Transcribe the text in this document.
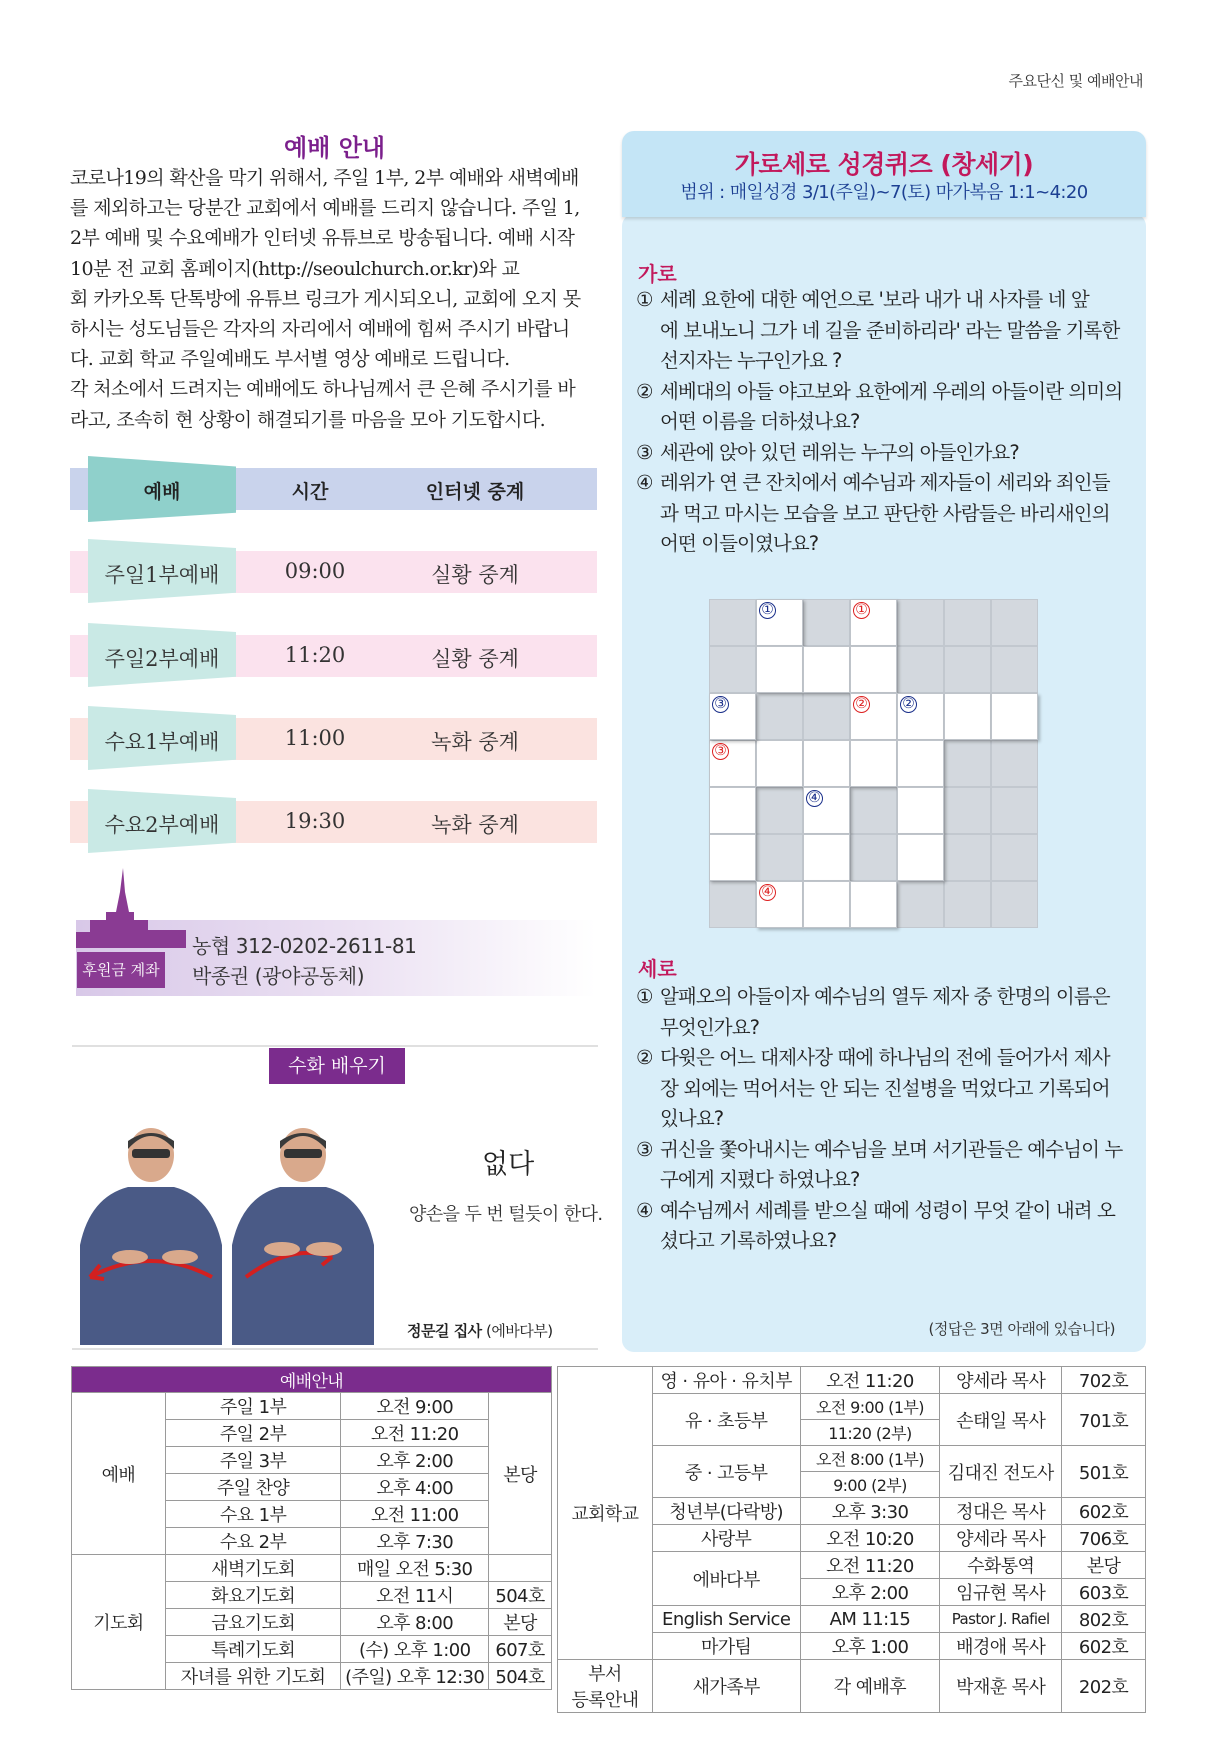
주요단신 및 예배안내
예배 안내
코로나19의 확산을 막기 위해서, 주일 1부, 2부 예배와 새벽예배
를 제외하고는 당분간 교회에서 예배를 드리지 않습니다. 주일 1,
2부 예배 및 수요예배가 인터넷 유튜브로 방송됩니다. 예배 시작
10분 전 교회 홈페이지(http://seoulchurch.or.kr)와 교
회 카카오톡 단톡방에 유튜브 링크가 게시되오니, 교회에 오지 못
하시는 성도님들은 각자의 자리에서 예배에 힘써 주시기 바랍니
다. 교회 학교 주일예배도 부서별 영상 예배로 드립니다.
각 처소에서 드려지는 예배에도 하나님께서 큰 은혜 주시기를 바
라고, 조속히 현 상황이 해결되기를 마음을 모아 기도합시다.
예배	시간	인터넷 중계
주일1부예배	09:00	실황 중계
주일2부예배	11:20	실황 중계
수요1부예배	11:00	녹화 중계
수요2부예배	19:30	녹화 중계
후원금 계좌
농협 312-0202-2611-81
박종권 (광야공동체)
수화 배우기
없다
양손을 두 번 털듯이 한다.
정문길 집사 (에바다부)
가로세로 성경퀴즈 (창세기)
범위 : 매일성경 3/1(주일)~7(토) 마가복음 1:1~4:20
가로
① 세례 요한에 대한 예언으로 '보라 내가 내 사자를 네 앞
에 보내노니 그가 네 길을 준비하리라' 라는 말씀을 기록한
선지자는 누구인가요 ?
② 세베대의 아들 야고보와 요한에게 우레의 아들이란 의미의
어떤 이름을 더하셨나요?
③ 세관에 앉아 있던 레위는 누구의 아들인가요?
④ 레위가 연 큰 잔치에서 예수님과 제자들이 세리와 죄인들
과 먹고 마시는 모습을 보고 판단한 사람들은 바리새인의
어떤 이들이였나요?
①	①
③	② ②
③
④
④
세로
① 알패오의 아들이자 예수님의 열두 제자 중 한명의 이름은
무엇인가요?
② 다윗은 어느 대제사장 때에 하나님의 전에 들어가서 제사
장 외에는 먹어서는 안 되는 진설병을 먹었다고 기록되어
있나요?
③ 귀신을 쫓아내시는 예수님을 보며 서기관들은 예수님이 누
구에게 지폈다 하였나요?
④ 예수님께서 세례를 받으실 때에 성령이 무엇 같이 내려 오
셨다고 기록하였나요?
(정답은 3면 아래에 있습니다)
예배안내			
예배	주일 1부	오전 9:00	본당
	주일 2부	오전 11:20	
	주일 3부	오후 2:00	
	주일 찬양	오후 4:00	
	수요 1부	오전 11:00	
	수요 2부	오후 7:30	
기도회	새벽기도회	매일 오전 5:30	
	화요기도회	오전 11시	504호
	금요기도회	오후 8:00	본당
	특례기도회	(수) 오후 1:00	607호
	자녀를 위한 기도회	(주일) 오후 12:30	504호
교회학교	영 · 유아 · 유치부	오전 11:20	양세라 목사	702호
	유 · 초등부	오전 9:00 (1부)	손태일 목사	701호
		11:20 (2부)		
	중 · 고등부	오전 8:00 (1부)	김대진 전도사	501호
		9:00 (2부)		
	청년부(다락방)	오후 3:30	정대은 목사	602호
	사랑부	오전 10:20	양세라 목사	706호
	에바다부	오전 11:20	수화통역	본당
		오후 2:00	임규현 목사	603호
	English Service	AM 11:15	Pastor J. Rafiel	802호
	마가팀	오후 1:00	배경애 목사	602호
부서
등록안내	새가족부	각 예배후	박재훈 목사	202호
